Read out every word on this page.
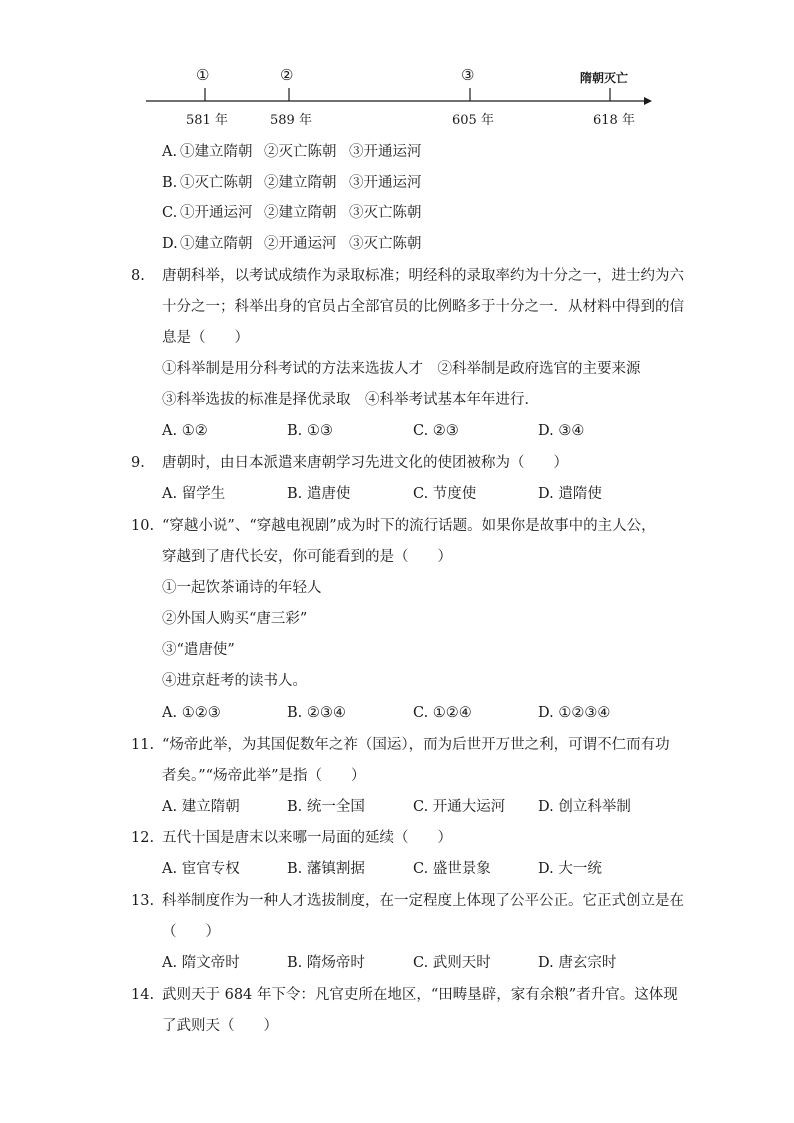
①	②	③	隋朝灭亡
581 年	589 年	605 年	618 年
A. ①建立隋朝 ②灭亡陈朝 ③开通运河
B. ①灭亡陈朝 ②建立隋朝 ③开通运河
C. ①开通运河 ②建立隋朝 ③灭亡陈朝
D. ①建立隋朝 ②开通运河 ③灭亡陈朝
8. 唐朝科举，以考试成绩作为录取标准；明经科的录取率约为十分之一，进士约为六
十分之一；科举出身的官员占全部官员的比例略多于十分之一．从材料中得到的信
息是（　　）
①科举制是用分科考试的方法来选拔人才　②科举制是政府选官的主要来源
③科举选拔的标准是择优录取　④科举考试基本年年进行．
A. ①②	B. ①③	C. ②③	D. ③④
9. 唐朝时，由日本派遣来唐朝学习先进文化的使团被称为（　　）
A. 留学生	B. 遣唐使	C. 节度使	D. 遣隋使
10. “穿越小说”、“穿越电视剧”成为时下的流行话题。如果你是故事中的主人公，
穿越到了唐代长安，你可能看到的是（　　）
①一起饮茶诵诗的年轻人
②外国人购买“唐三彩”
③“遣唐使”
④进京赶考的读书人。
A. ①②③	B. ②③④	C. ①②④	D. ①②③④
11. “炀帝此举，为其国促数年之祚（国运），而为后世开万世之利，可谓不仁而有功
者矣。”“炀帝此举”是指（　　）
A. 建立隋朝	B. 统一全国	C. 开通大运河 D. 创立科举制
12. 五代十国是唐末以来哪一局面的延续（　　）
A. 宦官专权	B. 藩镇割据	C. 盛世景象	D. 大一统
13. 科举制度作为一种人才选拔制度，在一定程度上体现了公平公正。它正式创立是在
（　　）
A. 隋文帝时	B. 隋炀帝时	C. 武则天时	D. 唐玄宗时
14. 武则天于 684 年下令：凡官吏所在地区，“田畴垦辟，家有余粮”者升官。这体现
了武则天（　　）
